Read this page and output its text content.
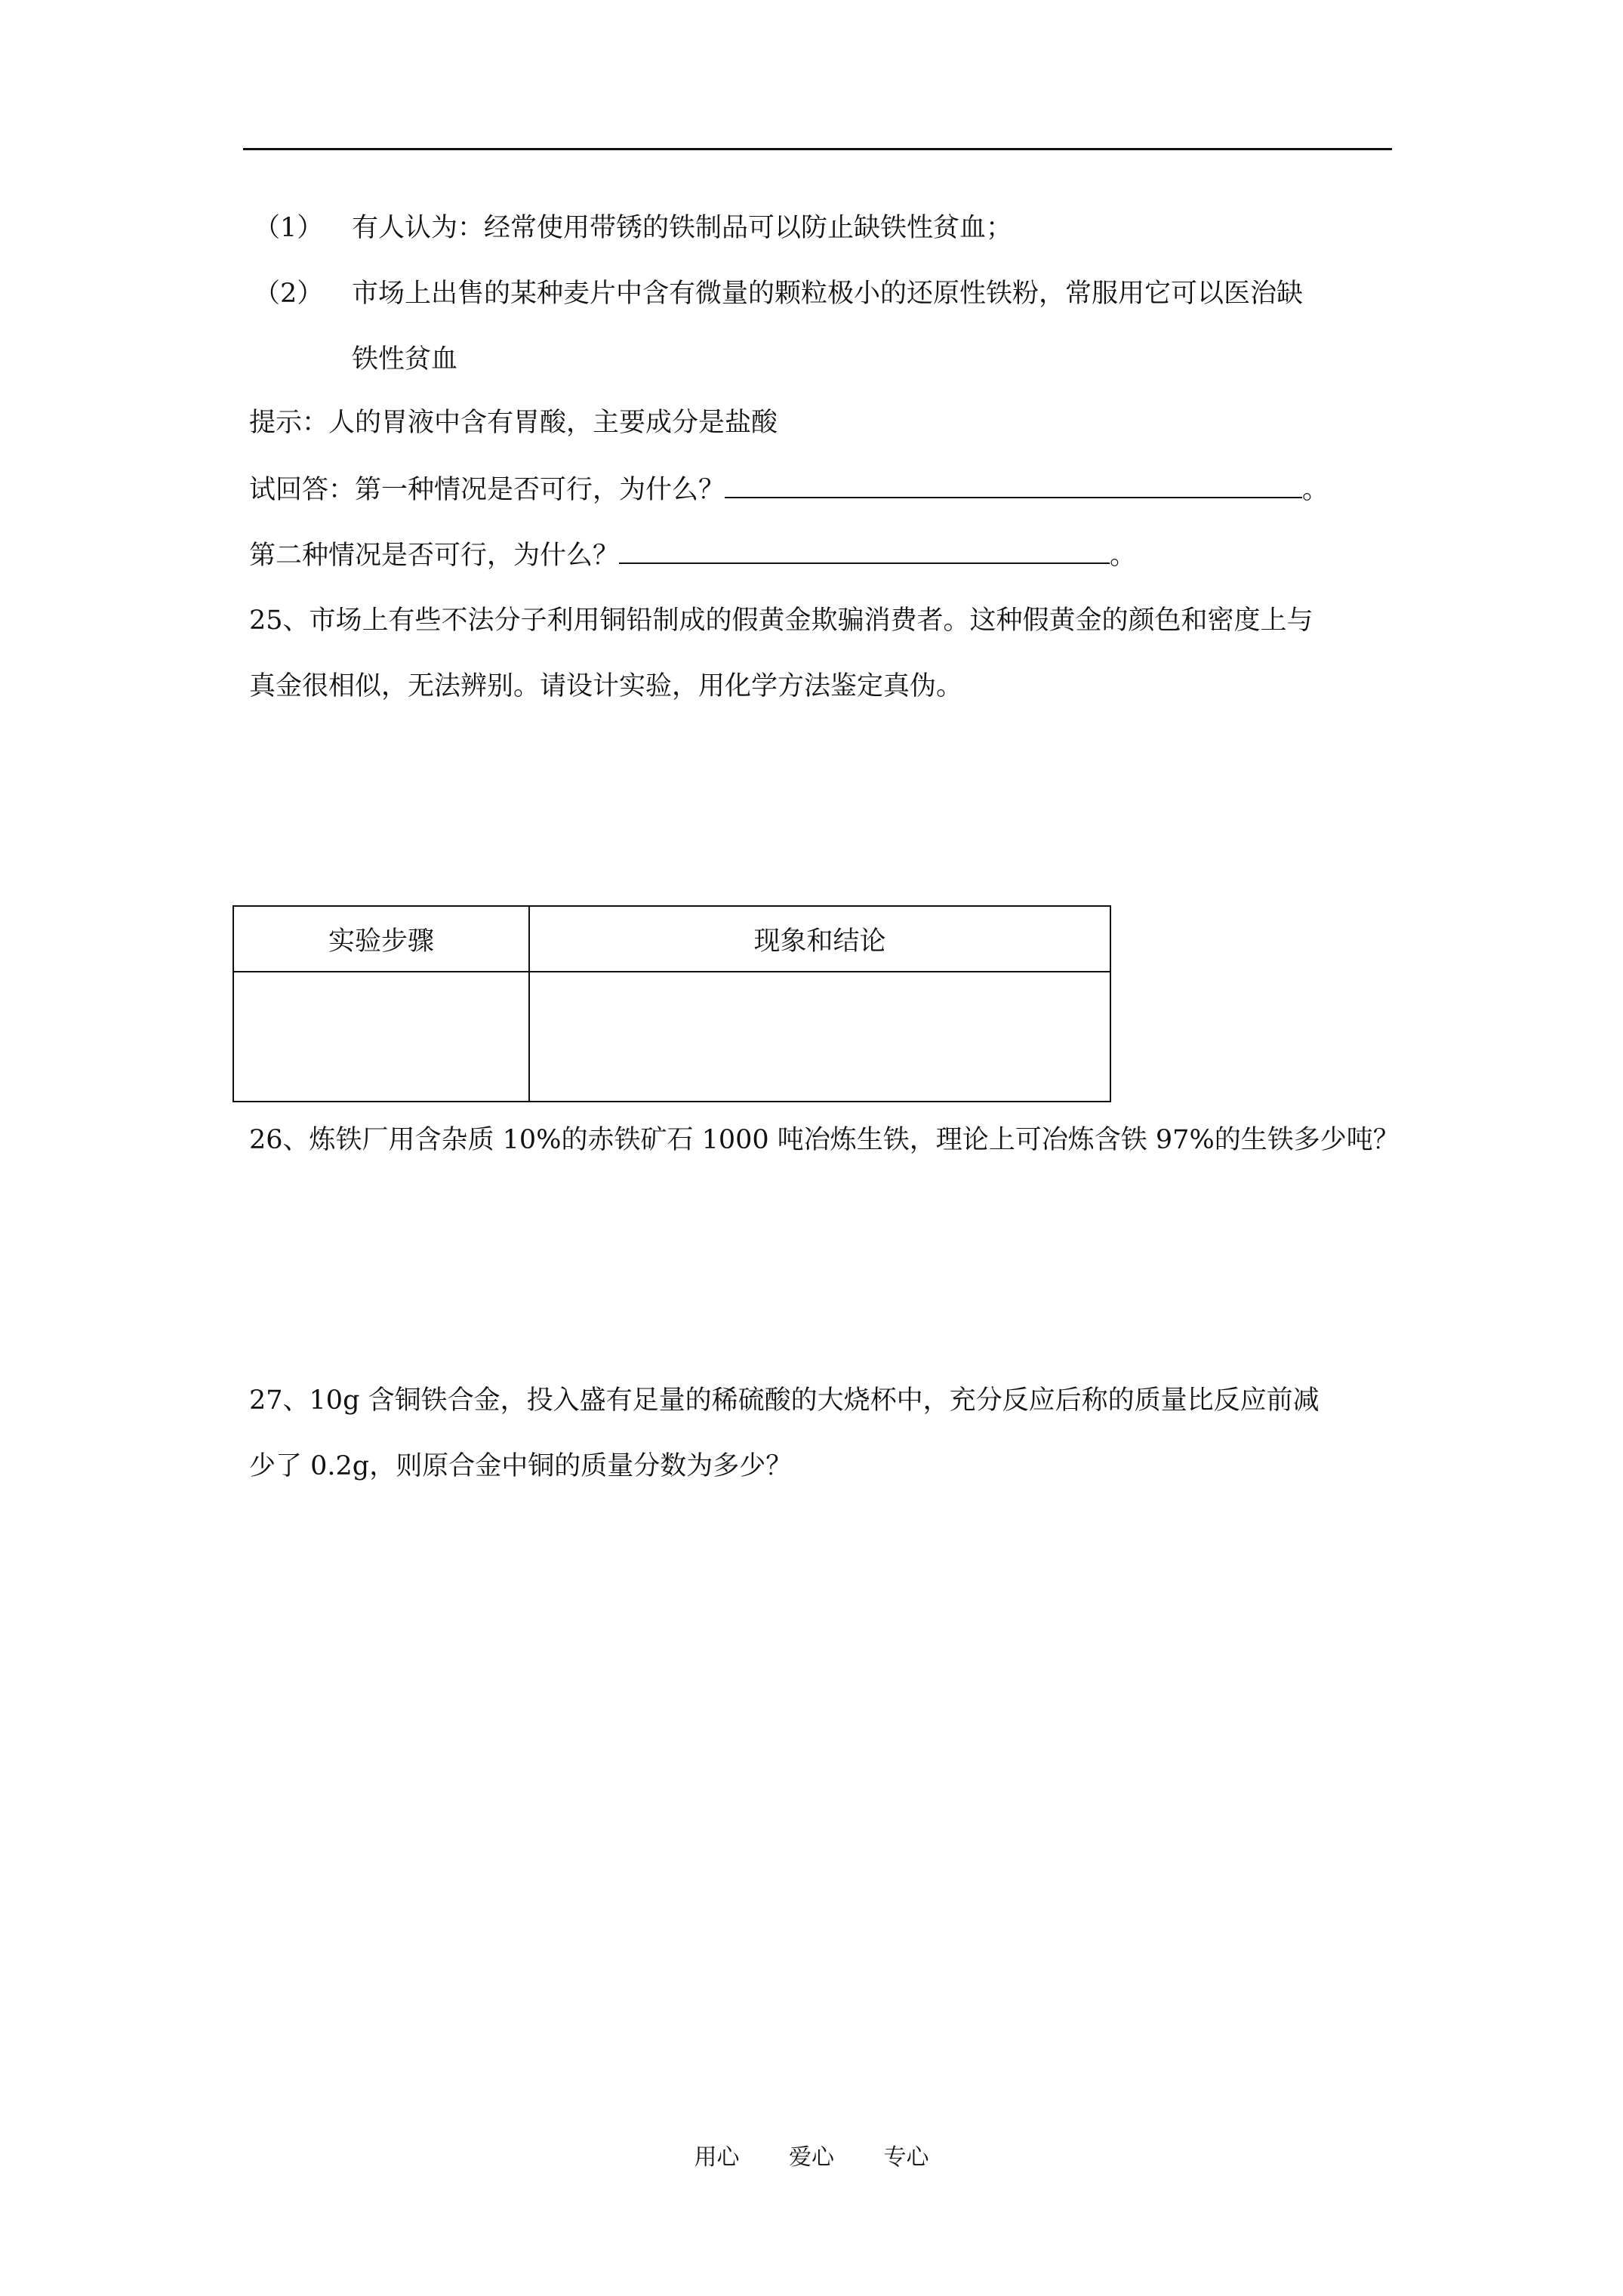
（1） 有人认为：经常使用带锈的铁制品可以防止缺铁性贫血；
（2） 市场上出售的某种麦片中含有微量的颗粒极小的还原性铁粉，常服用它可以医治缺
铁性贫血
提示：人的胃液中含有胃酸，主要成分是盐酸
试回答：第一种情况是否可行，为什么？	。
第二种情况是否可行，为什么？	。
25、市场上有些不法分子利用铜铅制成的假黄金欺骗消费者。这种假黄金的颜色和密度上与
真金很相似，无法辨别。请设计实验，用化学方法鉴定真伪。
实验步骤	现象和结论

26、炼铁厂用含杂质 10%的赤铁矿石 1000 吨冶炼生铁，理论上可冶炼含铁 97%的生铁多少吨？
27、10g 含铜铁合金，投入盛有足量的稀硫酸的大烧杯中，充分反应后称的质量比反应前减
少了 0.2g，则原合金中铜的质量分数为多少？
用心 爱心 专心
